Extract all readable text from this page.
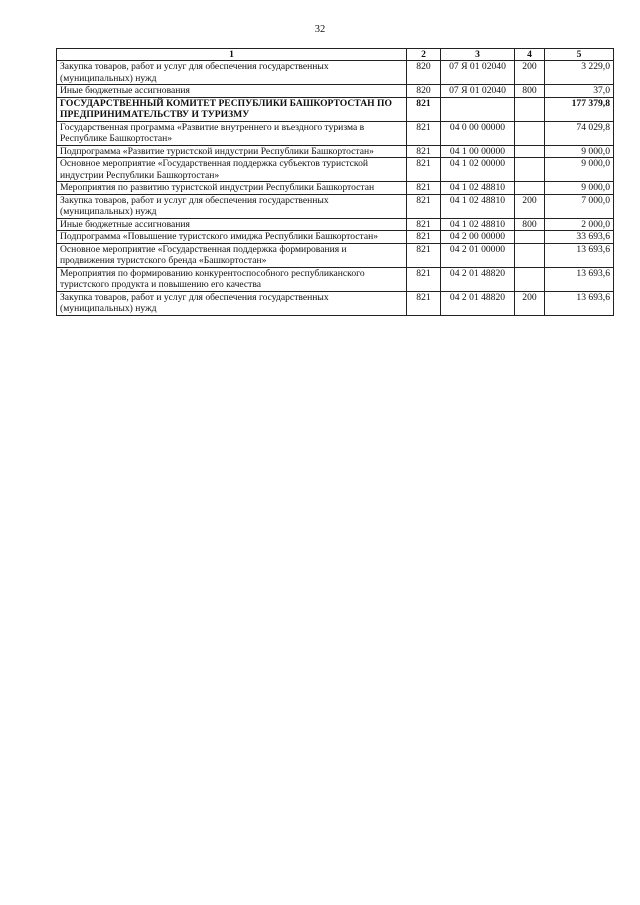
32
1	2	3	4	5
Закупка товаров, работ и услуг для обеспечения государственных (муниципальных) нужд	820	07 Я 01 02040	200	3 229,0
Иные бюджетные ассигнования	820	07 Я 01 02040	800	37,0
ГОСУДАРСТВЕННЫЙ КОМИТЕТ РЕСПУБЛИКИ БАШКОРТОСТАН ПО ПРЕДПРИНИМАТЕЛЬСТВУ И ТУРИЗМУ	821			177 379,8
Государственная программа «Развитие внутреннего и въездного туризма в Республике Башкортостан»	821	04 0 00 00000		74 029,8
Подпрограмма «Развитие туристской индустрии Республики Башкортостан»	821	04 1 00 00000		9 000,0
Основное мероприятие «Государственная поддержка субъектов туристской индустрии Республики Башкортостан»	821	04 1 02 00000		9 000,0
Мероприятия по развитию туристской индустрии Республики Башкортостан	821	04 1 02 48810		9 000,0
Закупка товаров, работ и услуг для обеспечения государственных (муниципальных) нужд	821	04 1 02 48810	200	7 000,0
Иные бюджетные ассигнования	821	04 1 02 48810	800	2 000,0
Подпрограмма «Повышение туристского имиджа Республики Башкортостан»	821	04 2 00 00000		33 693,6
Основное мероприятие «Государственная поддержка формирования и продвижения туристского бренда «Башкортостан»	821	04 2 01 00000		13 693,6
Мероприятия по формированию конкурентоспособного республиканского туристского продукта и повышению его качества	821	04 2 01 48820		13 693,6
Закупка товаров, работ и услуг для обеспечения государственных (муниципальных) нужд	821	04 2 01 48820	200	13 693,6
